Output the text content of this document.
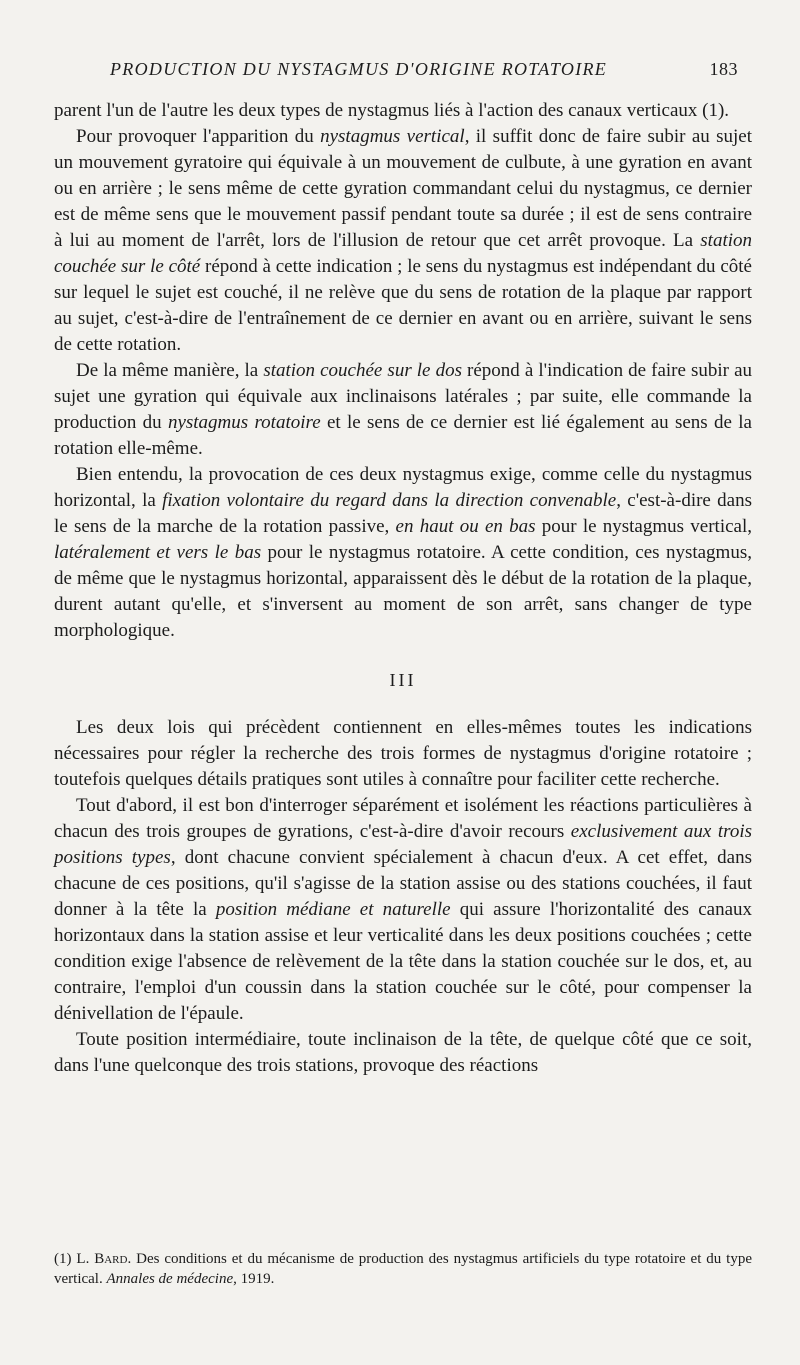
PRODUCTION DU NYSTAGMUS D'ORIGINE ROTATOIRE	183

parent l'un de l'autre les deux types de nystagmus liés à l'action des canaux verticaux (1).

Pour provoquer l'apparition du nystagmus vertical, il suffit donc de faire subir au sujet un mouvement gyratoire qui équivale à un mouvement de culbute, à une gyration en avant ou en arrière ; le sens même de cette gyration commandant celui du nystagmus, ce dernier est de même sens que le mouvement passif pendant toute sa durée ; il est de sens contraire à lui au moment de l'arrêt, lors de l'illusion de retour que cet arrêt provoque. La station couchée sur le côté répond à cette indication ; le sens du nystagmus est indépendant du côté sur lequel le sujet est couché, il ne relève que du sens de rotation de la plaque par rapport au sujet, c'est-à-dire de l'entraînement de ce dernier en avant ou en arrière, suivant le sens de cette rotation.

De la même manière, la station couchée sur le dos répond à l'indication de faire subir au sujet une gyration qui équivale aux inclinaisons latérales ; par suite, elle commande la production du nystagmus rotatoire et le sens de ce dernier est lié également au sens de la rotation elle-même.

Bien entendu, la provocation de ces deux nystagmus exige, comme celle du nystagmus horizontal, la fixation volontaire du regard dans la direction convenable, c'est-à-dire dans le sens de la marche de la rotation passive, en haut ou en bas pour le nystagmus vertical, latéralement et vers le bas pour le nystagmus rotatoire. A cette condition, ces nystagmus, de même que le nystagmus horizontal, apparaissent dès le début de la rotation de la plaque, durent autant qu'elle, et s'inversent au moment de son arrêt, sans changer de type morphologique.

III

Les deux lois qui précèdent contiennent en elles-mêmes toutes les indications nécessaires pour régler la recherche des trois formes de nystagmus d'origine rotatoire ; toutefois quelques détails pratiques sont utiles à connaître pour faciliter cette recherche.

Tout d'abord, il est bon d'interroger séparément et isolément les réactions particulières à chacun des trois groupes de gyrations, c'est-à-dire d'avoir recours exclusivement aux trois positions types, dont chacune convient spécialement à chacun d'eux. A cet effet, dans chacune de ces positions, qu'il s'agisse de la station assise ou des stations couchées, il faut donner à la tête la position médiane et naturelle qui assure l'horizontalité des canaux horizontaux dans la station assise et leur verticalité dans les deux positions couchées ; cette condition exige l'absence de relèvement de la tête dans la station couchée sur le dos, et, au contraire, l'emploi d'un coussin dans la station couchée sur le côté, pour compenser la dénivellation de l'épaule.

Toute position intermédiaire, toute inclinaison de la tête, de quelque côté que ce soit, dans l'une quelconque des trois stations, provoque des réactions

(1) L. Bard. Des conditions et du mécanisme de production des nystagmus artificiels du type rotatoire et du type vertical. Annales de médecine, 1919.
